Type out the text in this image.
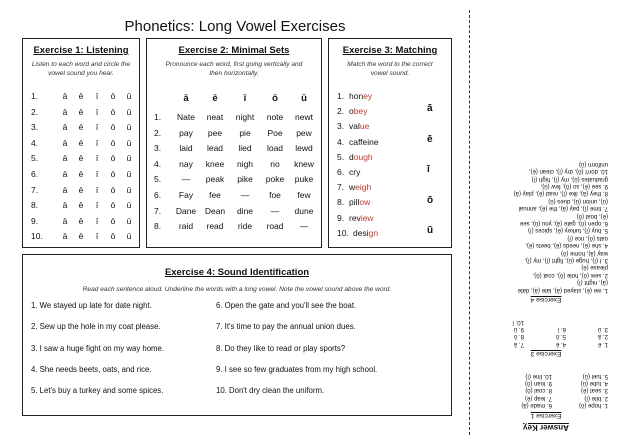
Phonetics: Long Vowel Exercises
Exercise 1: Listening
Listen to each word and circle the vowel sound you hear.
1.	ā	ē	ī	ō	ū
2.	ā	ē	ī	ō	ū
3.	ā	ē	ī	ō	ū
4.	ā	ē	ī	ō	ū
5.	ā	ē	ī	ō	ū
6.	ā	ē	ī	ō	ū
7.	ā	ē	ī	ō	ū
8.	ā	ē	ī	ō	ū
9.	ā	ē	ī	ō	ū
10.	ā	ē	ī	ō	ū
Exercise 2: Minimal Sets
Pronounce each word, first going vertically and then horizontally.
ā	ē	ī	ō	ū
1.	Nate	neat	night	note	newt
2.	pay	pee	pie	Poe	pew
3.	laid	lead	lied	load	lewd
4.	nay	knee	nigh	no	knew
5.	—	peak	pike	poke	puke
6.	Fay	fee	—	foe	few
7.	Dane	Dean	dine	—	dune
8.	raid	read	ride	road	—
Exercise 3: Matching
Match the word to the correct vowel sound.
1. hon ey
2. o bey
3. val ue
4. caffeine
5. d ough
6. cry
7. w eigh
8. pill ow
9. rev iew
10. desi gn
ā
ē
ī
ō
ū
Exercise 4: Sound Identification
Read each sentence aloud. Underline the words with a long vowel. Note the vowel sound above the word.
1. We stayed up late for date night.
2. Sew up the hole in my coat please.
3. I saw a huge fight on my way home.
4. She needs beets, oats, and rice.
5. Let's buy a turkey and some spices.
6. Open the gate and you'll see the boat.
7. It's time to pay the annual union dues.
8. Do they like to read or play sports?
9. I see so few graduates from my high school.
10. Don't dry clean the uniform.
Answer Key
Exercise 1
1. hope (ō)
2. bite (ī)
3. seat (ē)
4. tube (ū)
5. tuel (ū)
6. made (ā)
7. leap (ē)
8. coal (ō)
9. loan (ō)
10. line (ī)
Exercise 3
1. ē
2. ā
3. ū
4. ē
5. ō
6. ī
7. ā
8. ō
9. ū
10. ī
Exercise 4
1. we (ē), stayed (ā), late (ā), date
(ā), night (ī)
2. sew (ō), hole (ō), coat (ō),
please (ē)
3. I (ī), huge (ū), fight (ī), my (ī),
way (ā), home (ō)
4. she (ē), needs (ē), beets (ē),
oats (ō), rice (ī)
5. buy (ī), turkey (ē), spices (ī)
6. open (ō), gate (ā), you (ū), see
(ē), boat (ō)
7. time (ī), pay (ā), the (ē), annual
(ū), union (ū), dues (ū)
8. they (ā), like (ī), read (ē), play (ā)
9. see (ē), so (ō), few (ū),
graduates (ū), my (ī), high (ī)
10. don't (ō), dry (ī), clean (ē),
uniform (ū)
